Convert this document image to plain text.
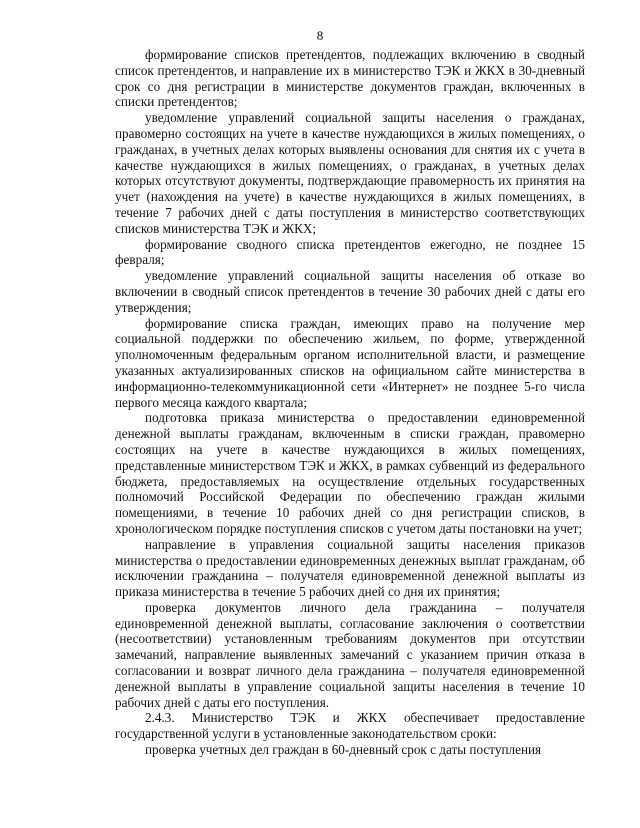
8

формирование списков претендентов, подлежащих включению в сводный список претендентов, и направление их в министерство ТЭК и ЖКХ в 30-дневный срок со дня регистрации в министерстве документов граждан, включенных в списки претендентов;

уведомление управлений социальной защиты населения о гражданах, правомерно состоящих на учете в качестве нуждающихся в жилых помещениях, о гражданах, в учетных делах которых выявлены основания для снятия их с учета в качестве нуждающихся в жилых помещениях, о гражданах, в учетных делах которых отсутствуют документы, подтверждающие правомерность их принятия на учет (нахождения на учете) в качестве нуждающихся в жилых помещениях, в течение 7 рабочих дней с даты поступления в министерство соответствующих списков министерства ТЭК и ЖКХ;

формирование сводного списка претендентов ежегодно, не позднее 15 февраля;

уведомление управлений социальной защиты населения об отказе во включении в сводный список претендентов в течение 30 рабочих дней с даты его утверждения;

формирование списка граждан, имеющих право на получение мер социальной поддержки по обеспечению жильем, по форме, утвержденной уполномоченным федеральным органом исполнительной власти, и размещение указанных актуализированных списков на официальном сайте министерства в информационно-телекоммуникационной сети «Интернет» не позднее 5-го числа первого месяца каждого квартала;

подготовка приказа министерства о предоставлении единовременной денежной выплаты гражданам, включенным в списки граждан, правомерно состоящих на учете в качестве нуждающихся в жилых помещениях, представленные министерством ТЭК и ЖКХ, в рамках субвенций из федерального бюджета, предоставляемых на осуществление отдельных государственных полномочий Российской Федерации по обеспечению граждан жилыми помещениями, в течение 10 рабочих дней со дня регистрации списков, в хронологическом порядке поступления списков с учетом даты постановки на учет;

направление в управления социальной защиты населения приказов министерства о предоставлении единовременных денежных выплат гражданам, об исключении гражданина – получателя единовременной денежной выплаты из приказа министерства в течение 5 рабочих дней со дня их принятия;

проверка документов личного дела гражданина – получателя единовременной денежной выплаты, согласование заключения о соответствии (несоответствии) установленным требованиям документов при отсутствии замечаний, направление выявленных замечаний с указанием причин отказа в согласовании и возврат личного дела гражданина – получателя единовременной денежной выплаты в управление социальной защиты населения в течение 10 рабочих дней с даты его поступления.

2.4.3. Министерство ТЭК и ЖКХ обеспечивает предоставление государственной услуги в установленные законодательством сроки:

проверка учетных дел граждан в 60-дневный срок с даты поступления
